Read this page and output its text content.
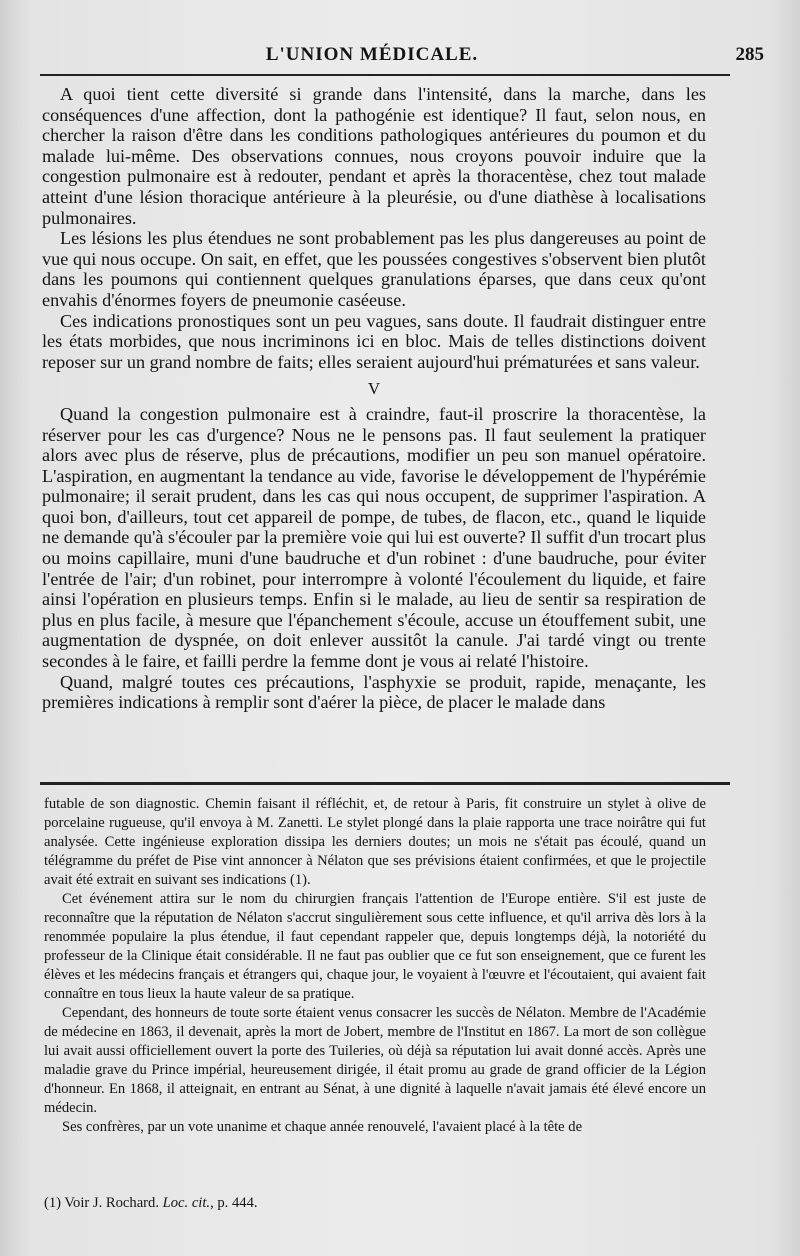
L'UNION MÉDICALE.	285

A quoi tient cette diversité si grande dans l'intensité, dans la marche, dans les conséquences d'une affection, dont la pathogénie est identique? Il faut, selon nous, en chercher la raison d'être dans les conditions pathologiques antérieures du poumon et du malade lui-même. Des observations connues, nous croyons pouvoir induire que la congestion pulmonaire est à redouter, pendant et après la thoracentèse, chez tout malade atteint d'une lésion thoracique antérieure à la pleurésie, ou d'une diathèse à localisations pulmonaires.

Les lésions les plus étendues ne sont probablement pas les plus dangereuses au point de vue qui nous occupe. On sait, en effet, que les poussées congestives s'observent bien plutôt dans les poumons qui contiennent quelques granulations éparses, que dans ceux qu'ont envahis d'énormes foyers de pneumonie caséeuse.

Ces indications pronostiques sont un peu vagues, sans doute. Il faudrait distinguer entre les états morbides, que nous incriminons ici en bloc. Mais de telles distinctions doivent reposer sur un grand nombre de faits; elles seraient aujourd'hui prématurées et sans valeur.

V

Quand la congestion pulmonaire est à craindre, faut-il proscrire la thoracentèse, la réserver pour les cas d'urgence? Nous ne le pensons pas. Il faut seulement la pratiquer alors avec plus de réserve, plus de précautions, modifier un peu son manuel opératoire. L'aspiration, en augmentant la tendance au vide, favorise le développement de l'hypérémie pulmonaire; il serait prudent, dans les cas qui nous occupent, de supprimer l'aspiration. A quoi bon, d'ailleurs, tout cet appareil de pompe, de tubes, de flacon, etc., quand le liquide ne demande qu'à s'écouler par la première voie qui lui est ouverte? Il suffit d'un trocart plus ou moins capillaire, muni d'une baudruche et d'un robinet : d'une baudruche, pour éviter l'entrée de l'air; d'un robinet, pour interrompre à volonté l'écoulement du liquide, et faire ainsi l'opération en plusieurs temps. Enfin si le malade, au lieu de sentir sa respiration de plus en plus facile, à mesure que l'épanchement s'écoule, accuse un étouffement subit, une augmentation de dyspnée, on doit enlever aussitôt la canule. J'ai tardé vingt ou trente secondes à le faire, et failli perdre la femme dont je vous ai relaté l'histoire.

Quand, malgré toutes ces précautions, l'asphyxie se produit, rapide, menaçante, les premières indications à remplir sont d'aérer la pièce, de placer le malade dans

futable de son diagnostic. Chemin faisant il réfléchit, et, de retour à Paris, fit construire un stylet à olive de porcelaine rugueuse, qu'il envoya à M. Zanetti. Le stylet plongé dans la plaie rapporta une trace noirâtre qui fut analysée. Cette ingénieuse exploration dissipa les derniers doutes; un mois ne s'était pas écoulé, quand un télégramme du préfet de Pise vint annoncer à Nélaton que ses prévisions étaient confirmées, et que le projectile avait été extrait en suivant ses indications (1).

Cet événement attira sur le nom du chirurgien français l'attention de l'Europe entière. S'il est juste de reconnaître que la réputation de Nélaton s'accrut singulièrement sous cette influence, et qu'il arriva dès lors à la renommée populaire la plus étendue, il faut cependant rappeler que, depuis longtemps déjà, la notoriété du professeur de la Clinique était considérable. Il ne faut pas oublier que ce fut son enseignement, que ce furent les élèves et les médecins français et étrangers qui, chaque jour, le voyaient à l'œuvre et l'écoutaient, qui avaient fait connaître en tous lieux la haute valeur de sa pratique.

Cependant, des honneurs de toute sorte étaient venus consacrer les succès de Nélaton. Membre de l'Académie de médecine en 1863, il devenait, après la mort de Jobert, membre de l'Institut en 1867. La mort de son collègue lui avait aussi officiellement ouvert la porte des Tuileries, où déjà sa réputation lui avait donné accès. Après une maladie grave du Prince impérial, heureusement dirigée, il était promu au grade de grand officier de la Légion d'honneur. En 1868, il atteignait, en entrant au Sénat, à une dignité à laquelle n'avait jamais été élevé encore un médecin.

Ses confrères, par un vote unanime et chaque année renouvelé, l'avaient placé à la tête de

(1) Voir J. Rochard. Loc. cit., p. 444.
